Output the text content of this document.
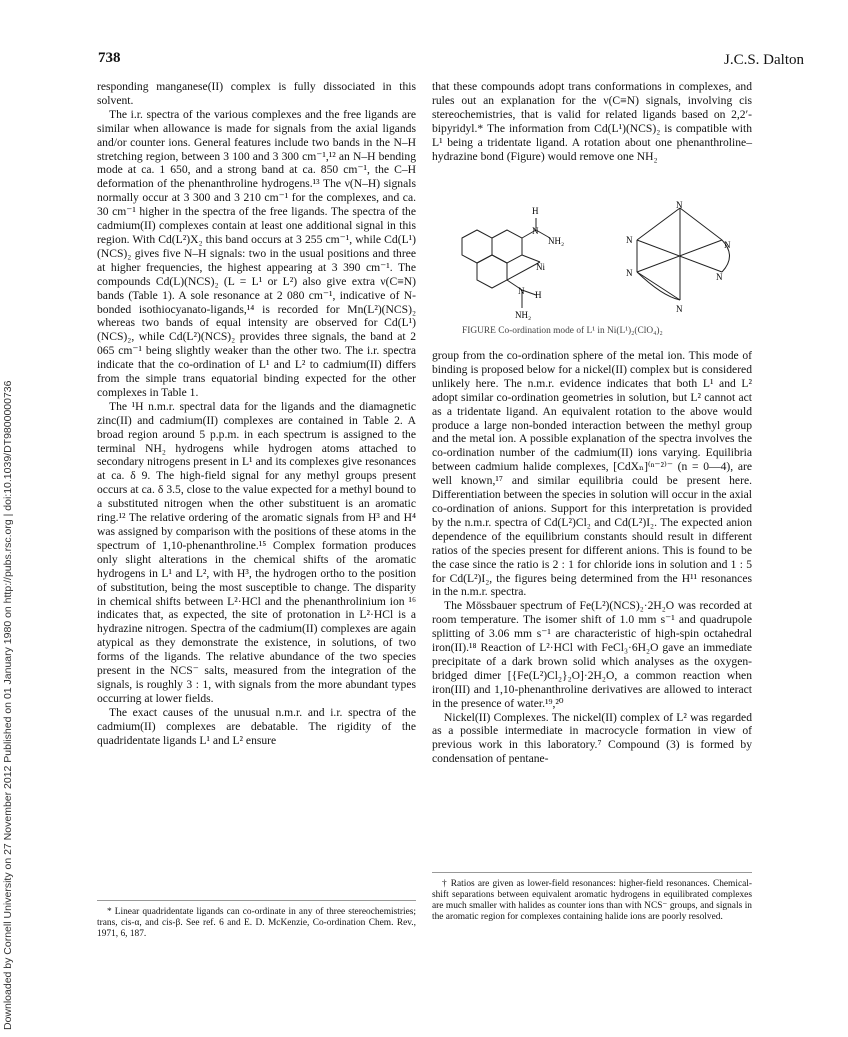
738	J.C.S. Dalton
Downloaded by Cornell University on 27 November 2012 Published on 01 January 1980 on http://pubs.rsc.org | doi:10.1039/DT9800000736

responding manganese(II) complex is fully dissociated in this solvent.

The i.r. spectra of the various complexes and the free ligands are similar when allowance is made for signals from the axial ligands and/or counter ions. General features include two bands in the N–H stretching region, between 3 100 and 3 300 cm⁻¹,¹² an N–H bending mode at ca. 1 650, and a strong band at ca. 850 cm⁻¹, the C–H deformation of the phenanthroline hydrogens.¹³ The ν(N–H) signals normally occur at 3 300 and 3 210 cm⁻¹ for the complexes, and ca. 30 cm⁻¹ higher in the spectra of the free ligands. The spectra of the cadmium(II) complexes contain at least one additional signal in this region. With Cd(L²)X₂ this band occurs at 3 255 cm⁻¹, while Cd(L¹)(NCS)₂ gives five N–H signals: two in the usual positions and three at higher frequencies, the highest appearing at 3 390 cm⁻¹. The compounds Cd(L)(NCS)₂ (L = L¹ or L²) also give extra ν(C≡N) bands (Table 1). A sole resonance at 2 080 cm⁻¹, indicative of N-bonded isothiocyanato-ligands,¹⁴ is recorded for Mn(L²)(NCS)₂ whereas two bands of equal intensity are observed for Cd(L¹)(NCS)₂, while Cd(L²)(NCS)₂ provides three signals, the band at 2 065 cm⁻¹ being slightly weaker than the other two. The i.r. spectra indicate that the co-ordination of L¹ and L² to cadmium(II) differs from the simple trans equatorial binding expected for the other complexes in Table 1.

The ¹H n.m.r. spectral data for the ligands and the diamagnetic zinc(II) and cadmium(II) complexes are contained in Table 2. A broad region around 5 p.p.m. in each spectrum is assigned to the terminal NH₂ hydrogens while hydrogen atoms attached to secondary nitrogens present in L¹ and its complexes give resonances at ca. δ 9. The high-field signal for any methyl groups present occurs at ca. δ 3.5, close to the value expected for a methyl bound to a substituted nitrogen when the other substituent is an aromatic ring.¹² The relative ordering of the aromatic signals from H³ and H⁴ was assigned by comparison with the positions of these atoms in the spectrum of 1,10-phenanthroline.¹⁵ Complex formation produces only slight alterations in the chemical shifts of the aromatic hydrogens in L¹ and L², with H³, the hydrogen ortho to the position of substitution, being the most susceptible to change. The disparity in chemical shifts between L²·HCl and the phenanthrolinium ion ¹⁶ indicates that, as expected, the site of protonation in L²·HCl is a hydrazine nitrogen. Spectra of the cadmium(II) complexes are again atypical as they demonstrate the existence, in solutions, of two forms of the ligands. The relative abundance of the two species present in the NCS⁻ salts, measured from the integration of the signals, is roughly 3 : 1, with signals from the more abundant types occurring at lower fields.

The exact causes of the unusual n.m.r. and i.r. spectra of the cadmium(II) complexes are debatable. The rigidity of the quadridentate ligands L¹ and L² ensure

* Linear quadridentate ligands can co-ordinate in any of three stereochemistries; trans, cis-α, and cis-β. See ref. 6 and E. D. McKenzie, Co-ordination Chem. Rev., 1971, 6, 187.

that these compounds adopt trans conformations in complexes, and rules out an explanation for the ν(C≡N) signals, involving cis stereochemistries, that is valid for related ligands based on 2,2′-bipyridyl.* The information from Cd(L¹)(NCS)₂ is compatible with L¹ being a tridentate ligand. A rotation about one phenanthroline–hydrazine bond (Figure) would remove one NH₂

H
N
NH₂
Ni
N H
NH₂
N
N	N
N	N
N
FIGURE Co-ordination mode of L¹ in Ni(L¹)₂(ClO₄)₂

group from the co-ordination sphere of the metal ion. This mode of binding is proposed below for a nickel(II) complex but is considered unlikely here. The n.m.r. evidence indicates that both L¹ and L² adopt similar co-ordination geometries in solution, but L² cannot act as a tridentate ligand. An equivalent rotation to the above would produce a large non-bonded interaction between the methyl group and the metal ion. A possible explanation of the spectra involves the co-ordination number of the cadmium(II) ions varying. Equilibria between cadmium halide complexes, [CdXₙ]⁽ⁿ⁻²⁾⁻ (n = 0—4), are well known,¹⁷ and similar equilibria could be present here. Differentiation between the species in solution will occur in the axial co-ordination of anions. Support for this interpretation is provided by the n.m.r. spectra of Cd(L²)Cl₂ and Cd(L²)I₂. The expected anion dependence of the equilibrium constants should result in different ratios of the species present for different anions. This is found to be the case since the ratio is 2 : 1 for chloride ions in solution and 1 : 5 for Cd(L²)I₂, the figures being determined from the H¹¹ resonances in the n.m.r. spectra.

The Mössbauer spectrum of Fe(L²)(NCS)₂·2H₂O was recorded at room temperature. The isomer shift of 1.0 mm s⁻¹ and quadrupole splitting of 3.06 mm s⁻¹ are characteristic of high-spin octahedral iron(II).¹⁸ Reaction of L²·HCl with FeCl₃·6H₂O gave an immediate precipitate of a dark brown solid which analyses as the oxygen-bridged dimer [{Fe(L²)Cl₂}₂O]·2H₂O, a common reaction when iron(III) and 1,10-phenanthroline derivatives are allowed to interact in the presence of water.¹⁹,²⁰

Nickel(II) Complexes. The nickel(II) complex of L² was regarded as a possible intermediate in macrocycle formation in view of previous work in this laboratory.⁷ Compound (3) is formed by condensation of pentane-

† Ratios are given as lower-field resonances: higher-field resonances. Chemical-shift separations between equivalent aromatic hydrogens in equilibrated complexes are much smaller with halides as counter ions than with NCS⁻ groups, and signals in the aromatic region for complexes containing halide ions are poorly resolved.
